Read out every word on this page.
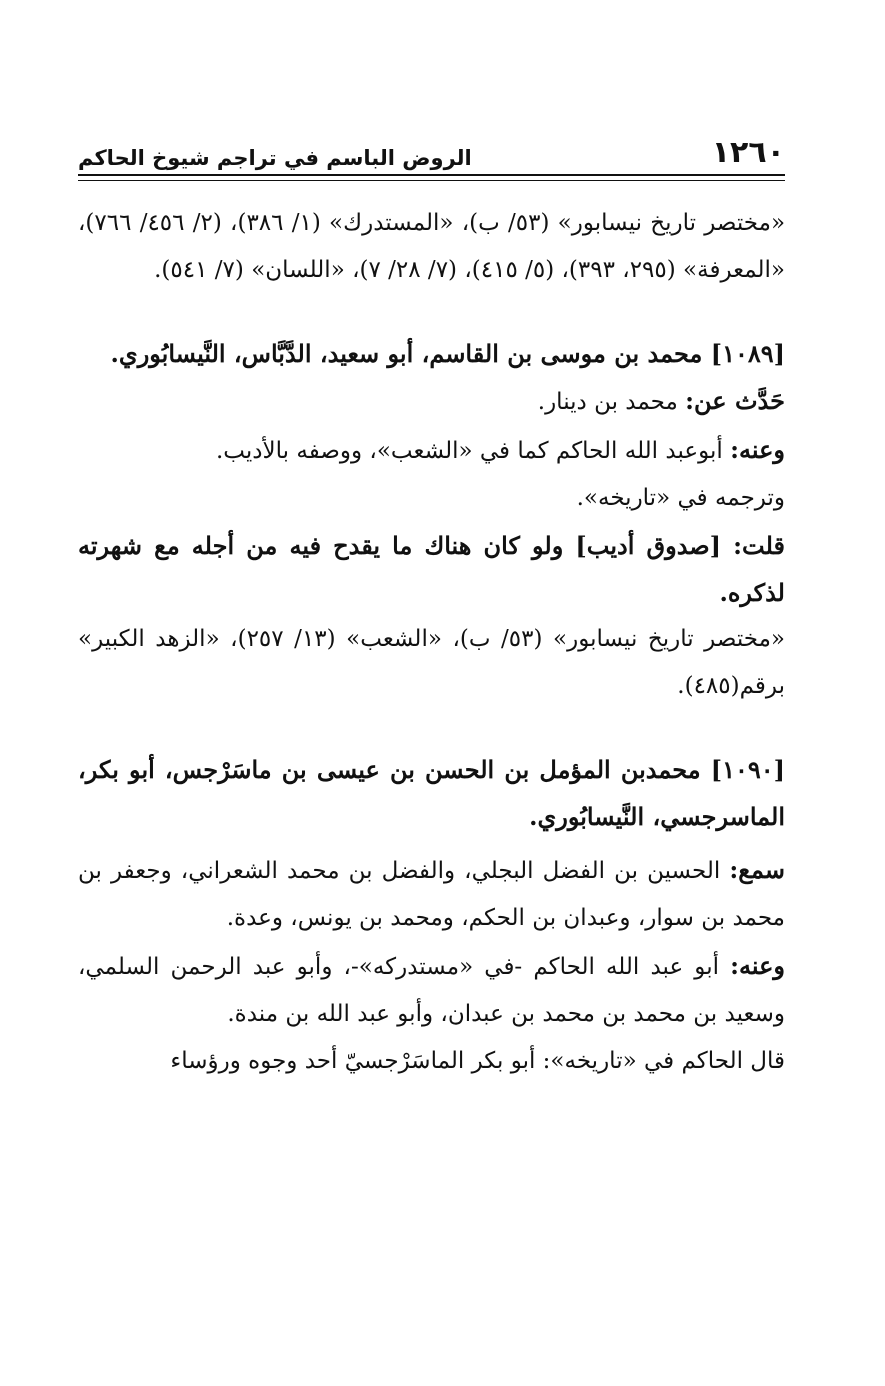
١٢٦٠
الروض الباسم في تراجم شيوخ الحاكم

«مختصر تاريخ نيسابور» (٥٣/ ب)، «المستدرك» (١/ ٣٨٦)، (٢/ ٤٥٦/ ٧٦٦)، «المعرفة» (٢٩٥، ٣٩٣)، (٥/ ٤١٥)، (٧/ ٢٨/ ٧)، «اللسان» (٧/ ٥٤١).

[١٠٨٩] محمد بن موسى بن القاسم، أبو سعيد، الدَّبَّاس، النَّيسابُوري.

حَدَّث عن: محمد بن دينار.

وعنه: أبوعبد الله الحاكم كما في «الشعب»، ووصفه بالأديب.

وترجمه في «تاريخه».

قلت: [صدوق أديب] ولو كان هناك ما يقدح فيه من أجله مع شهرته لذكره.

«مختصر تاريخ نيسابور» (٥٣/ ب)، «الشعب» (١٣/ ٢٥٧)، «الزهد الكبير» برقم(٤٨٥).

[١٠٩٠] محمدبن المؤمل بن الحسن بن عيسى بن ماسَرْجس، أبو بكر، الماسرجسي، النَّيسابُوري.

سمع: الحسين بن الفضل البجلي، والفضل بن محمد الشعراني، وجعفر بن محمد بن سوار، وعبدان بن الحكم، ومحمد بن يونس، وعدة.

وعنه: أبو عبد الله الحاكم -في «مستدركه»-، وأبو عبد الرحمن السلمي، وسعيد بن محمد بن محمد بن عبدان، وأبو عبد الله بن مندة.

قال الحاكم في «تاريخه»: أبو بكر الماسَرْجسيّ أحد وجوه ورؤساء
